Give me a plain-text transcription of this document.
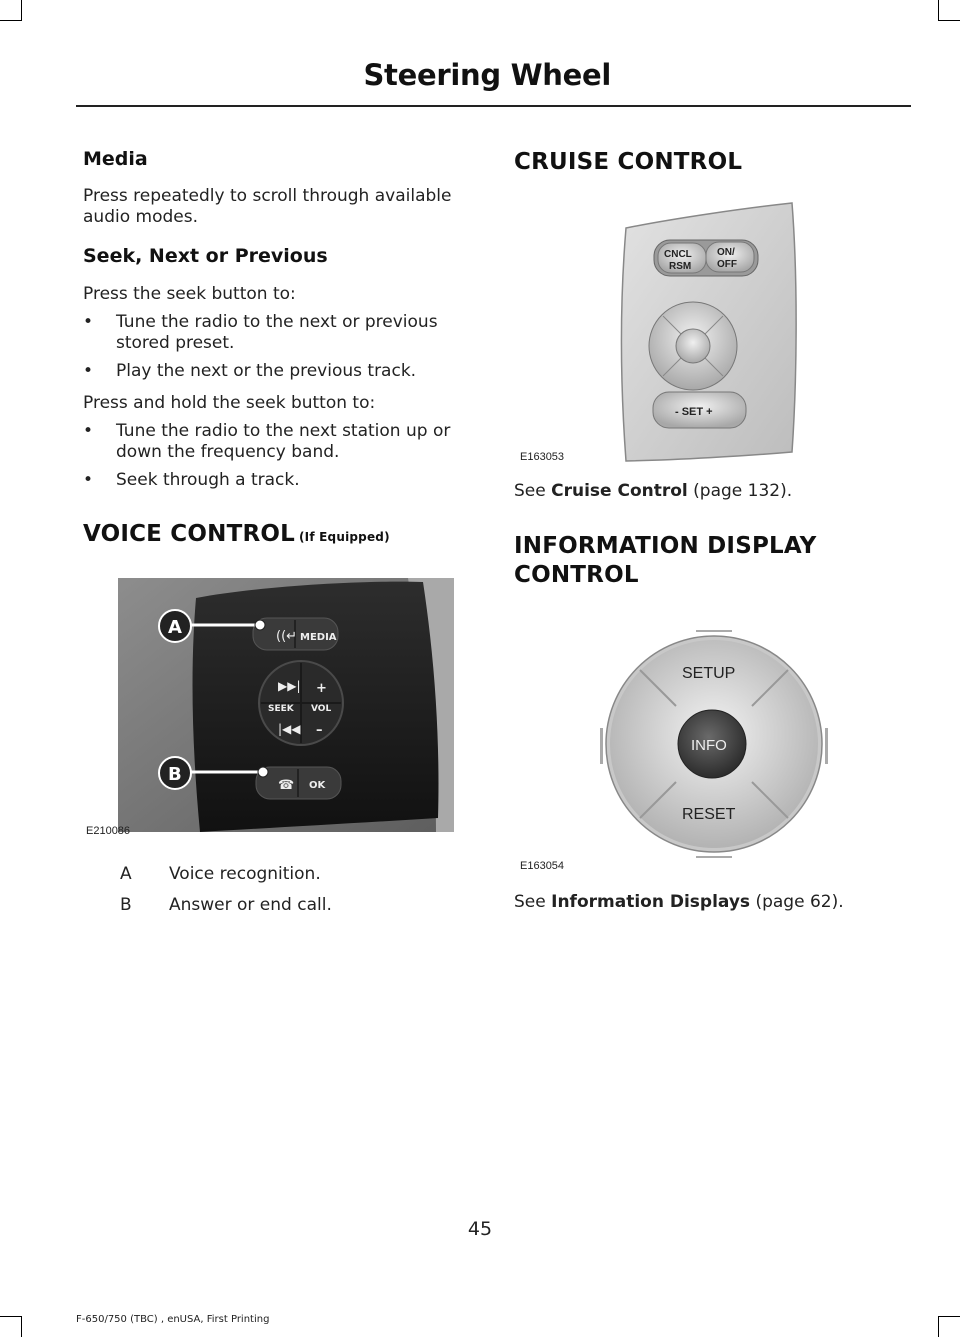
Steering Wheel
Media
Press repeatedly to scroll through available audio modes.
Seek, Next or Previous
Press the seek button to:
• Tune the radio to the next or previous stored preset.
• Play the next or the previous track.
Press and hold the seek button to:
• Tune the radio to the next station up or down the frequency band.
• Seek through a track.
VOICE CONTROL (If Equipped)
((↵ MEDIA
▶▶|
SEEK
|◀◀
+
VOL
–
☎ OK
A
B
E210086
A Voice recognition.
B Answer or end call.
CRUISE CONTROL
CNCL
RSM
ON/
OFF
- SET +
E163053
See Cruise Control (page 132).
INFORMATION DISPLAY
CONTROL
SETUP
INFO
RESET
E163054
See Information Displays (page 62).
45
F-650/750 (TBC) , enUSA, First Printing
